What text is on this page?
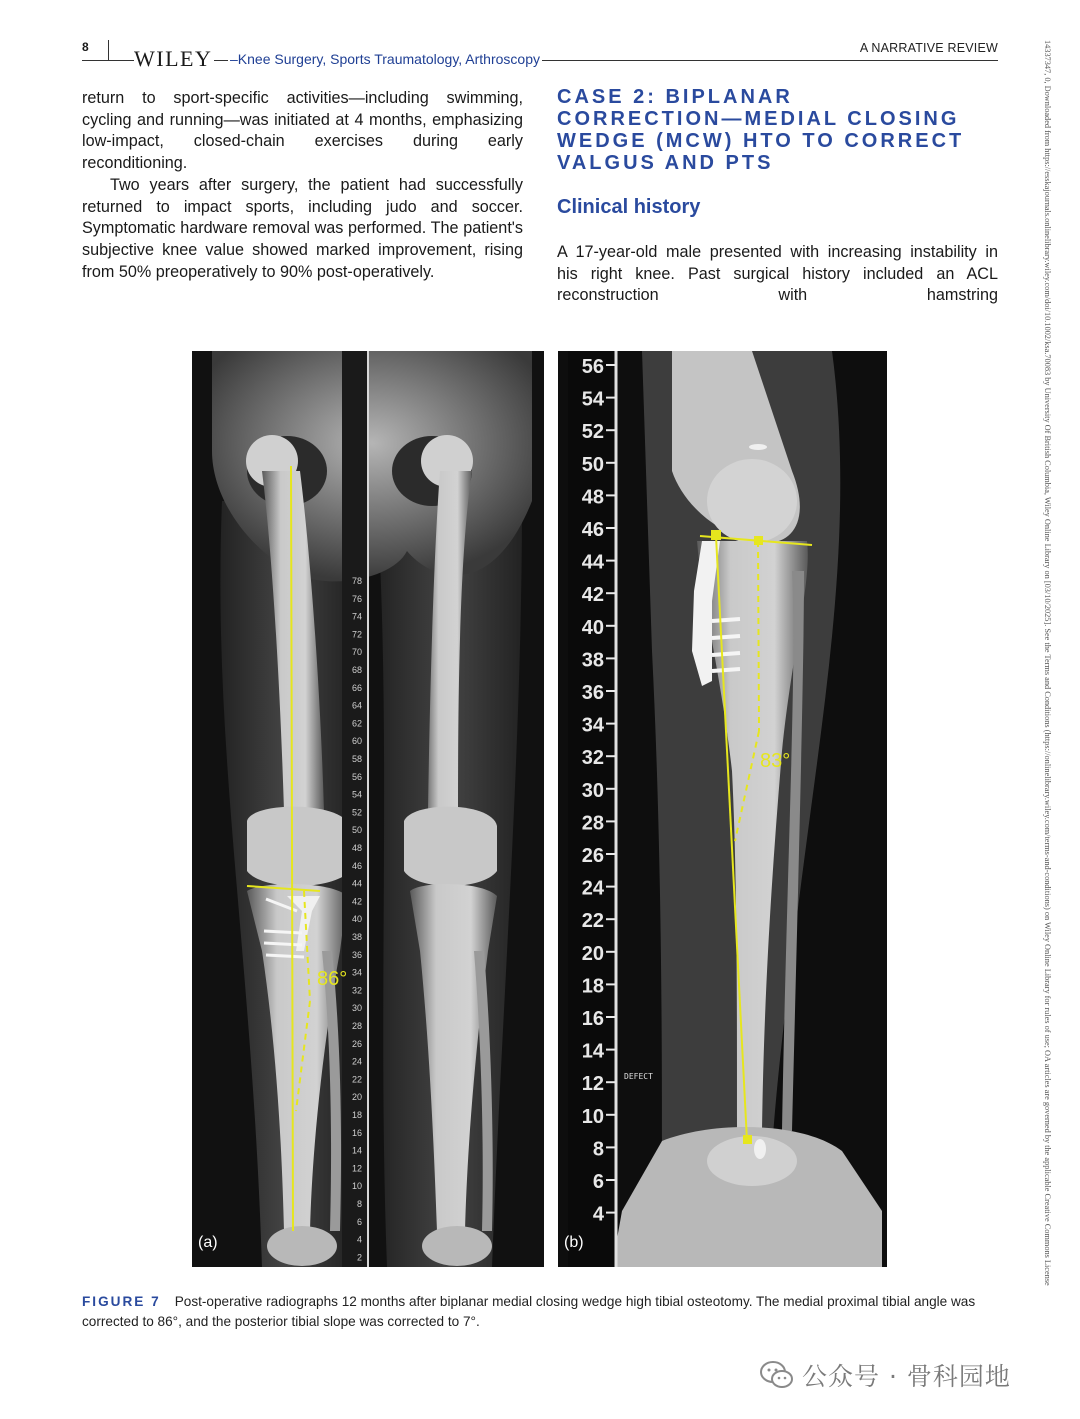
8 WILEY –Knee Surgery, Sports Traumatology, Arthroscopy
A NARRATIVE REVIEW

return to sport-specific activities—including swimming, cycling and running—was initiated at 4 months, emphasizing low-impact, closed-chain exercises during early reconditioning.

Two years after surgery, the patient had successfully returned to impact sports, including judo and soccer. Symptomatic hardware removal was performed. The patient's subjective knee value showed marked improvement, rising from 50% preoperatively to 90% post-operatively.

CASE 2: BIPLANAR

CORRECTION—MEDIAL CLOSING

WEDGE (MCW) HTO TO CORRECT

VALGUS AND PTS

Clinical history

A 17-year-old male presented with increasing instability in his right knee. Past surgical history included an ACL reconstruction with hamstring

78
76
74
72
70
68
66
64
62
60
58
56
54
52
50
48
46
44
42
40
38
36
34
32
30
28
26
24
22
20
18
16
14
12
10
8
6
4
2
86°
(a)
56
54
52
50
48
46
44
42
40
38
36
34
32
30
28
26
24
22
20
18
16
14
12
10
8
6
4
83°
DEFECT
(b)
FIGURE 7 Post-operative radiographs 12 months after biplanar medial closing wedge high tibial osteotomy. The medial proximal tibial angle was corrected to 86°, and the posterior tibial slope was corrected to 7°.
14337347, 0, Downloaded from https://esskajournals.onlinelibrary.wiley.com/doi/10.1002/ksa.70083 by University Of British Columbia, Wiley Online Library on [03/10/2025]. See the Terms and Conditions (https://onlinelibrary.wiley.com/terms-and-conditions) on Wiley Online Library for rules of use; OA articles are governed by the applicable Creative Commons License
公众号 · 骨科园地
